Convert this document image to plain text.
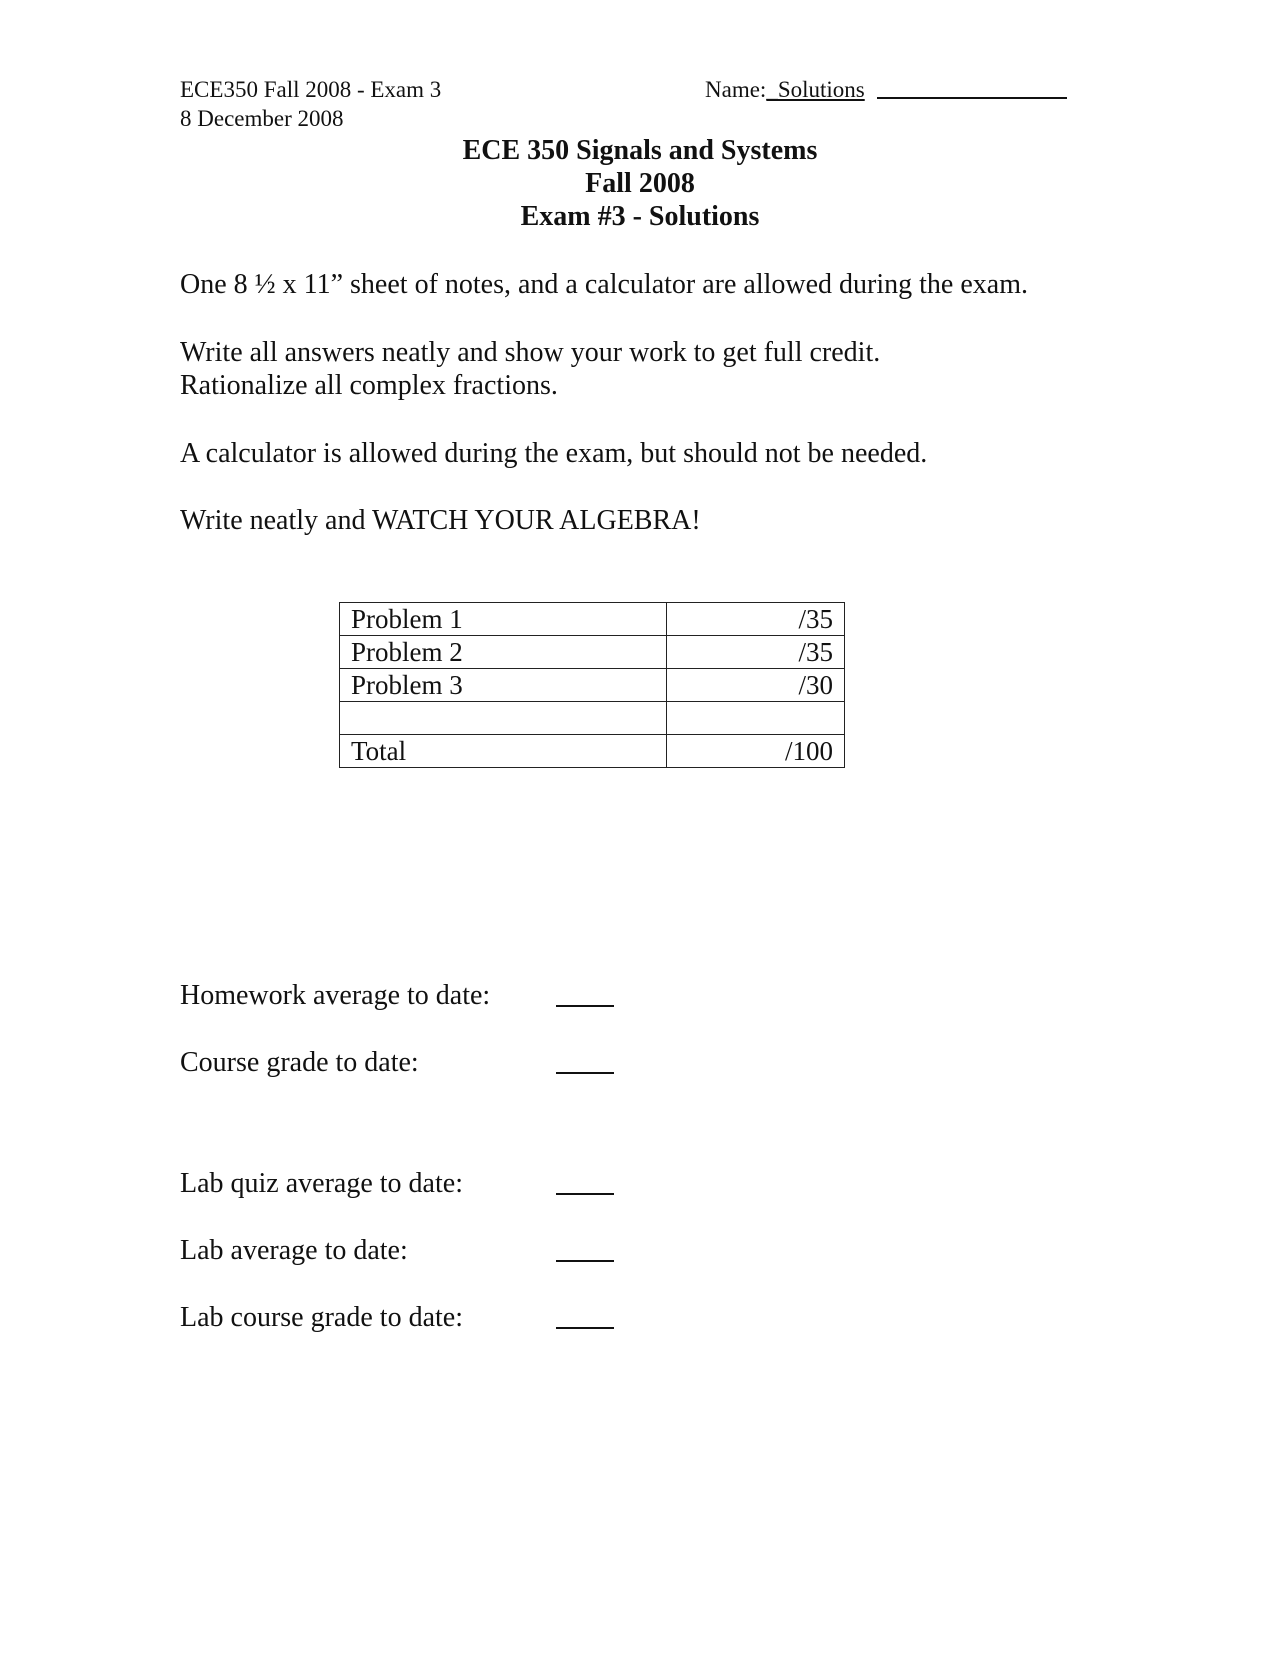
ECE350 Fall 2008 - Exam 3
8 December 2008
Name:_Solutions
ECE 350 Signals and Systems
Fall 2008
Exam #3 - Solutions
One 8 ½ x 11” sheet of notes, and a calculator are allowed during the exam.
Write all answers neatly and show your work to get full credit.
Rationalize all complex fractions.
A calculator is allowed during the exam, but should not be needed.
Write neatly and WATCH YOUR ALGEBRA!
Problem 1	/35
Problem 2	/35
Problem 3	/30

Total	/100
Homework average to date:
Course grade to date:
Lab quiz average to date:
Lab average to date:
Lab course grade to date:
